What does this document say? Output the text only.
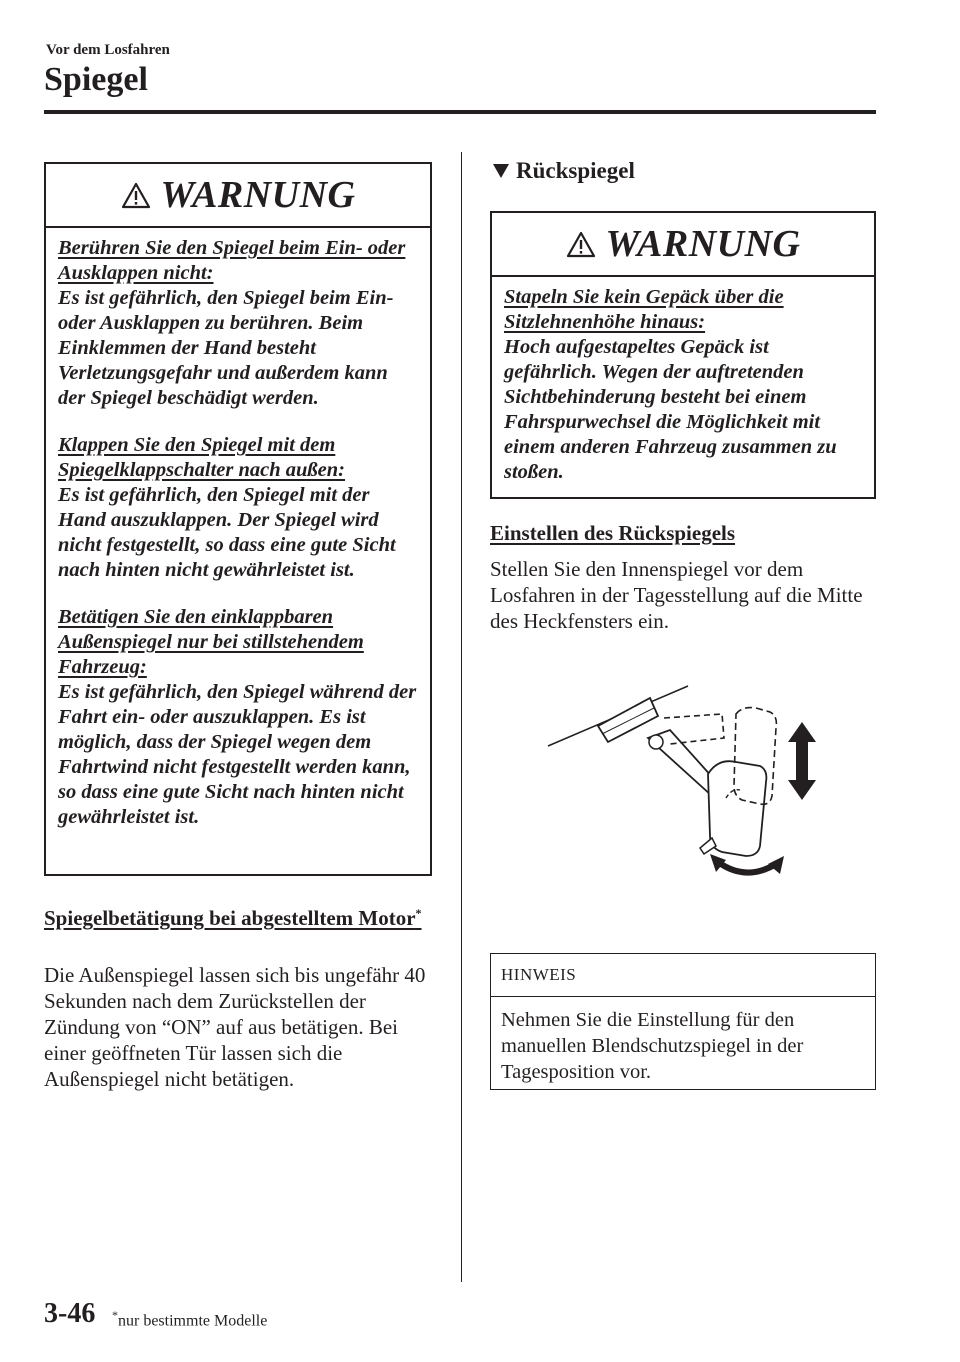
Vor dem Losfahren
Spiegel
WARNUNG

Berühren Sie den Spiegel beim Ein- oder Ausklappen nicht:
Es ist gefährlich, den Spiegel beim Ein- oder Ausklappen zu berühren. Beim Einklemmen der Hand besteht Verletzungsgefahr und außerdem kann der Spiegel beschädigt werden.

Klappen Sie den Spiegel mit dem Spiegelklappschalter nach außen:
Es ist gefährlich, den Spiegel mit der Hand auszuklappen. Der Spiegel wird nicht festgestellt, so dass eine gute Sicht nach hinten nicht gewährleistet ist.

Betätigen Sie den einklappbaren Außenspiegel nur bei stillstehendem Fahrzeug:
Es ist gefährlich, den Spiegel während der Fahrt ein- oder auszuklappen. Es ist möglich, dass der Spiegel wegen dem Fahrtwind nicht festgestellt werden kann, so dass eine gute Sicht nach hinten nicht gewährleistet ist.

Spiegelbetätigung bei abgestelltem Motor*
Die Außenspiegel lassen sich bis ungefähr 40 Sekunden nach dem Zurückstellen der Zündung von “ON” auf aus betätigen. Bei einer geöffneten Tür lassen sich die Außenspiegel nicht betätigen.
Rückspiegel
WARNUNG

Stapeln Sie kein Gepäck über die Sitzlehnenhöhe hinaus:
Hoch aufgestapeltes Gepäck ist gefährlich. Wegen der auftretenden Sichtbehinderung besteht bei einem Fahrspurwechsel die Möglichkeit mit einem anderen Fahrzeug zusammen zu stoßen.

Einstellen des Rückspiegels
Stellen Sie den Innenspiegel vor dem Losfahren in der Tagesstellung auf die Mitte des Heckfensters ein.
HINWEIS
Nehmen Sie die Einstellung für den manuellen Blendschutzspiegel in der Tagesposition vor.
3-46 *nur bestimmte Modelle
